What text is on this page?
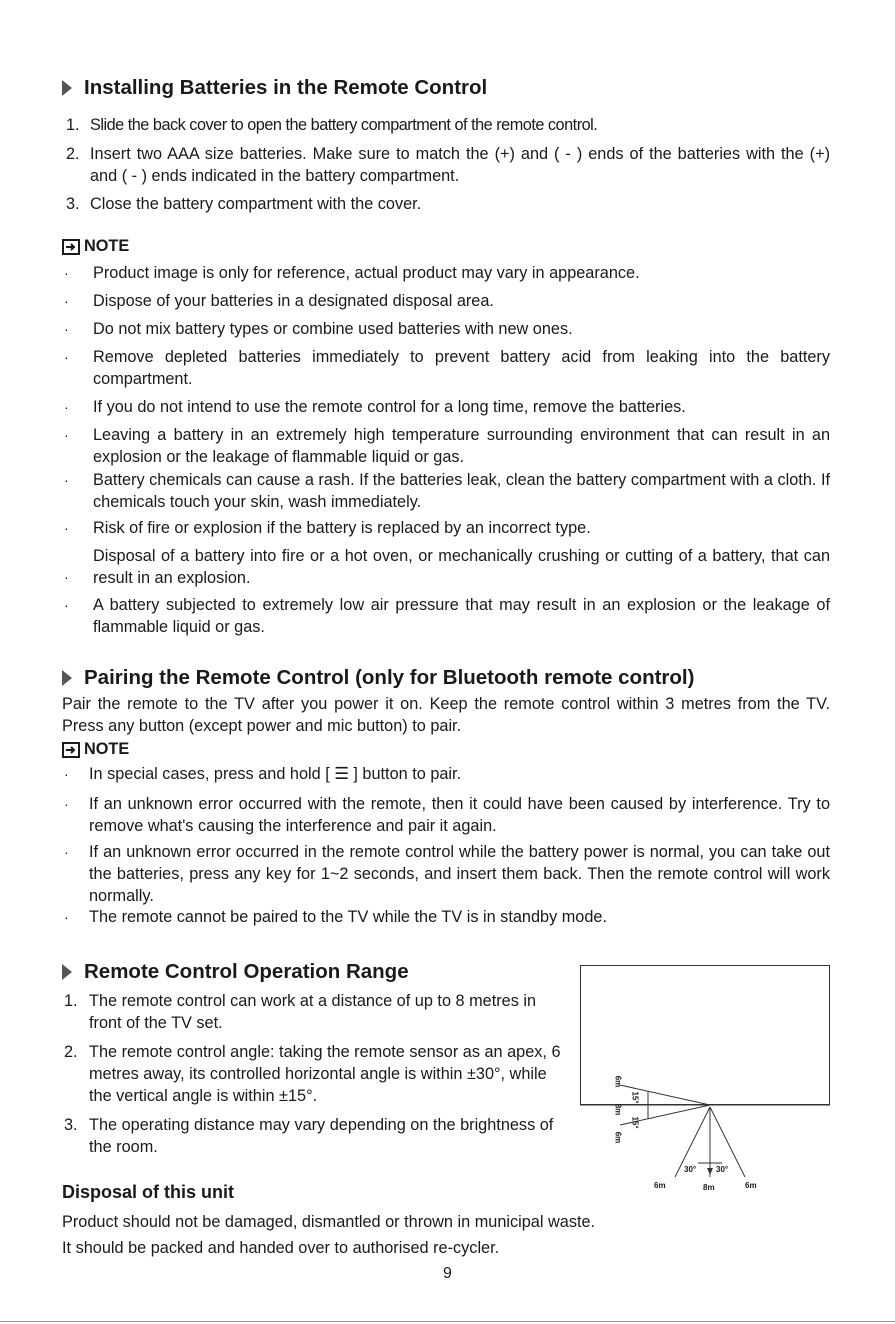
Installing Batteries in the Remote Control
1. Slide the back cover to open the battery compartment of the remote control.

2. Insert two AAA size batteries. Make sure to match the (+) and ( - ) ends of the batteries with the (+) and ( - ) ends indicated in the battery compartment.

3. Close the battery compartment with the cover.

NOTE
· Product image is only for reference, actual product may vary in appearance.

· Dispose of your batteries in a designated disposal area.

· Do not mix battery types or combine used batteries with new ones.

· Remove depleted batteries immediately to prevent battery acid from leaking into the battery compartment.

· If you do not intend to use the remote control for a long time, remove the batteries.

· Leaving a battery in an extremely high temperature surrounding environment that can result in an explosion or the leakage of flammable liquid or gas.

· Battery chemicals can cause a rash. If the batteries leak, clean the battery compartment with a cloth. If chemicals touch your skin, wash immediately.

· Risk of fire or explosion if the battery is replaced by an incorrect type.

·

Disposal of a battery into fire or a hot oven, or mechanically crushing or cutting of a battery, that can result in an explosion.

· A battery subjected to extremely low air pressure that may result in an explosion or the leakage of flammable liquid or gas.

Pairing the Remote Control (only for Bluetooth remote control)

Pair the remote to the TV after you power it on. Keep the remote control within 3 metres from the TV. Press any button (except power and mic button) to pair.

NOTE
· In special cases, press and hold [ ☰ ] button to pair.

· If an unknown error occurred with the remote, then it could have been caused by interference. Try to remove what's causing the interference and pair it again.

· If an unknown error occurred in the remote control while the battery power is normal, you can take out the batteries, press any key for 1~2 seconds, and insert them back. Then the remote control will work normally.

· The remote cannot be paired to the TV while the TV is in standby mode.

Remote Control Operation Range
1. The remote control can work at a distance of up to 8 metres in front of the TV set.

2. The remote control angle: taking the remote sensor as an apex, 6 metres away, its controlled horizontal angle is within ±30°, while the vertical angle is within ±15°.

3. The operating distance may vary depending on the brightness of the room.

6m
8m
6m
15°
15°
30° 30°
6m	8m	6m
Disposal of this unit

Product should not be damaged, dismantled or thrown in municipal waste.

It should be packed and handed over to authorised re-cycler.

9
